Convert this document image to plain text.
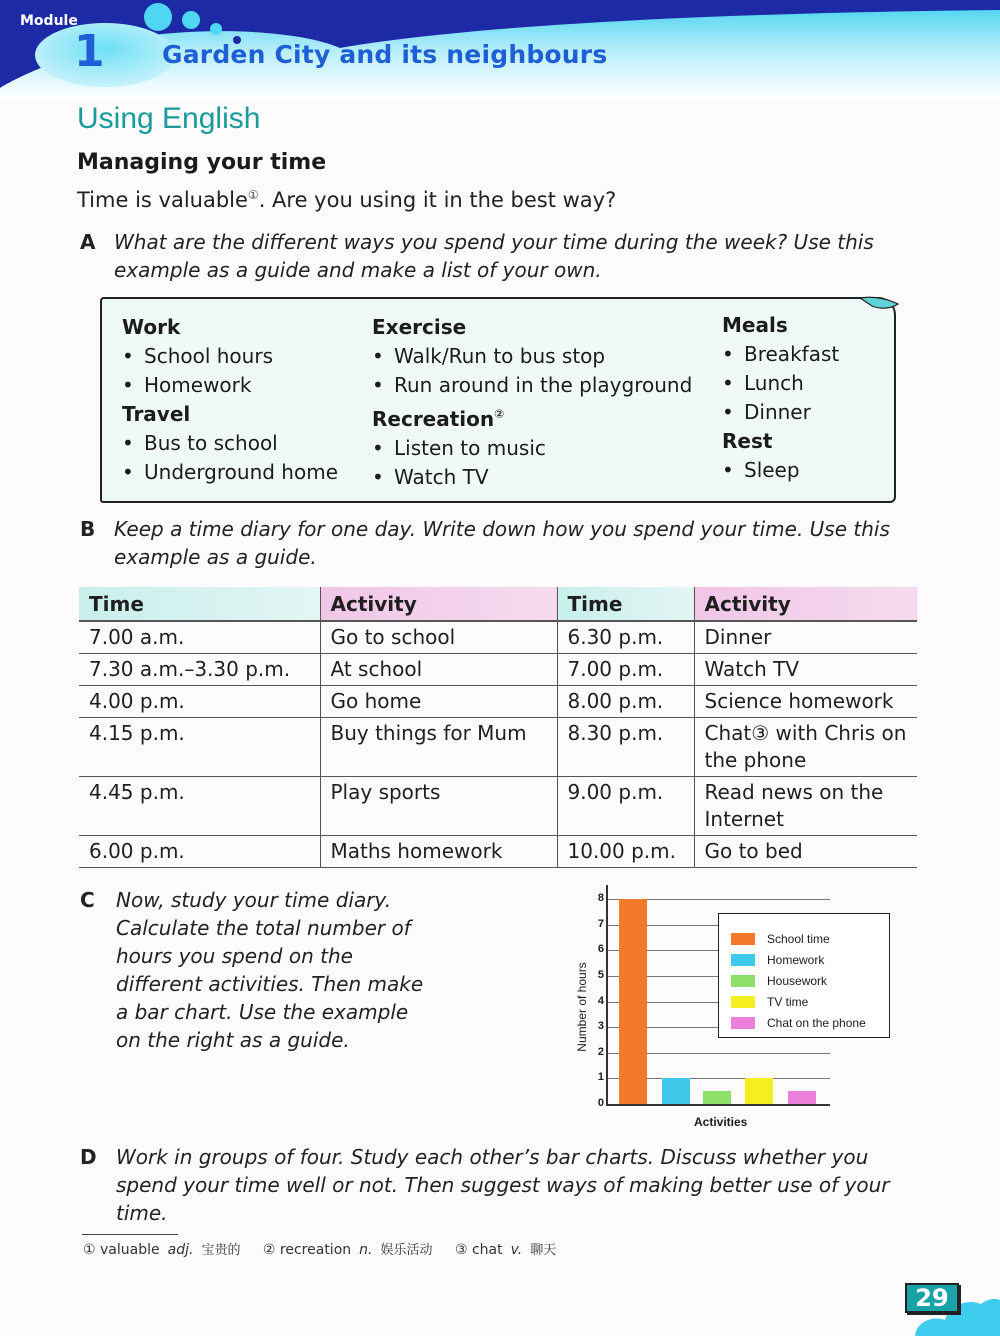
Module
1 Garden City and its neighbours
Using English
Managing your time

Time is valuable①. Are you using it in the best way?

A What are the different ways you spend your time during the week? Use this example as a guide and make a list of your own.
Work
• School hours
• Homework
Travel
• Bus to school
• Underground home
Exercise
• Walk/Run to bus stop
• Run around in the playground
Recreation②
• Listen to music
• Watch TV
Meals
• Breakfast
• Lunch
• Dinner
Rest
• Sleep
B Keep a time diary for one day. Write down how you spend your time. Use this example as a guide.
Time	Activity	Time	Activity
7.00 a.m.	Go to school	6.30 p.m.	Dinner
7.30 a.m.–3.30 p.m.	At school	7.00 p.m.	Watch TV
4.00 p.m.	Go home	8.00 p.m.	Science homework
4.15 p.m.	Buy things for Mum	8.30 p.m.	Chat③ with Chris on the phone
4.45 p.m.	Play sports	9.00 p.m.	Read news on the Internet
6.00 p.m.	Maths homework	10.00 p.m.	Go to bed
C Now, study your time diary. Calculate the total number of hours you spend on the different activities. Then make a bar chart. Use the example on the right as a guide.	Number of hours
0
1
2
3
4
5
6
7
8
Activities
School time
Homework
Housework
TV time
Chat on the phone
D Work in groups of four. Study each other’s bar charts. Discuss whether you spend your time well or not. Then suggest ways of making better use of your time.
① valuable adj. 宝贵的 ② recreation n. 娱乐活动 ③ chat v. 聊天
29
